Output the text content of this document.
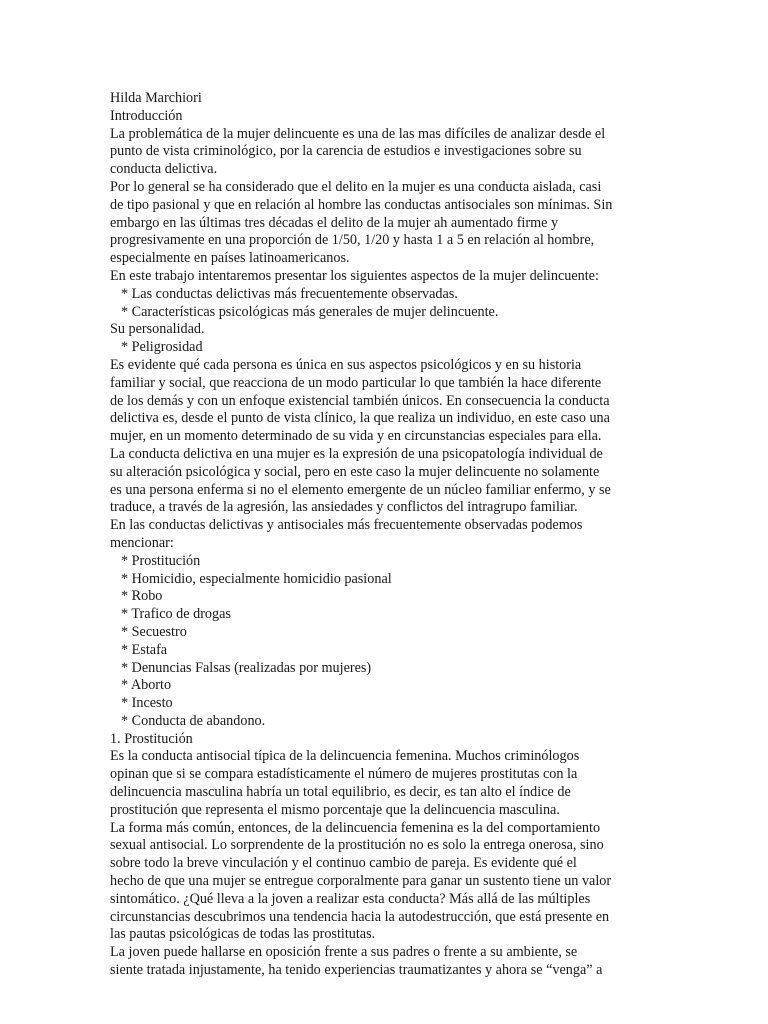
Hilda Marchiori
Introducción
La problemática de la mujer delincuente es una de las mas difíciles de analizar desde el
punto de vista criminológico, por la carencia de estudios e investigaciones sobre su
conducta delictiva.
Por lo general se ha considerado que el delito en la mujer es una conducta aislada, casi
de tipo pasional y que en relación al hombre las conductas antisociales son mínimas. Sin
embargo en las últimas tres décadas el delito de la mujer ah aumentado firme y
progresivamente en una proporción de 1/50, 1/20 y hasta 1 a 5 en relación al hombre,
especialmente en países latinoamericanos.
En este trabajo intentaremos presentar los siguientes aspectos de la mujer delincuente:
* Las conductas delictivas más frecuentemente observadas.
* Características psicológicas más generales de mujer delincuente.
Su personalidad.
* Peligrosidad
Es evidente qué cada persona es única en sus aspectos psicológicos y en su historia
familiar y social, que reacciona de un modo particular lo que también la hace diferente
de los demás y con un enfoque existencial también únicos. En consecuencia la conducta
delictiva es, desde el punto de vista clínico, la que realiza un individuo, en este caso una
mujer, en un momento determinado de su vida y en circunstancias especiales para ella.
La conducta delictiva en una mujer es la expresión de una psicopatología individual de
su alteración psicológica y social, pero en este caso la mujer delincuente no solamente
es una persona enferma si no el elemento emergente de un núcleo familiar enfermo, y se
traduce, a través de la agresión, las ansiedades y conflictos del intragrupo familiar.
En las conductas delictivas y antisociales más frecuentemente observadas podemos
mencionar:
* Prostitución
* Homicidio, especialmente homicidio pasional
* Robo
* Trafico de drogas
* Secuestro
* Estafa
* Denuncias Falsas (realizadas por mujeres)
* Aborto
* Incesto
* Conducta de abandono.
1. Prostitución
Es la conducta antisocial típica de la delincuencia femenina. Muchos criminólogos
opinan que si se compara estadísticamente el número de mujeres prostitutas con la
delincuencia masculina habría un total equilibrio, es decir, es tan alto el índice de
prostitución que representa el mismo porcentaje que la delincuencia masculina.
La forma más común, entonces, de la delincuencia femenina es la del comportamiento
sexual antisocial. Lo sorprendente de la prostitución no es solo la entrega onerosa, sino
sobre todo la breve vinculación y el continuo cambio de pareja. Es evidente qué el
hecho de que una mujer se entregue corporalmente para ganar un sustento tiene un valor
sintomático. ¿Qué lleva a la joven a realizar esta conducta? Más allá de las múltiples
circunstancias descubrimos una tendencia hacia la autodestrucción, que está presente en
las pautas psicológicas de todas las prostitutas.
La joven puede hallarse en oposición frente a sus padres o frente a su ambiente, se
siente tratada injustamente, ha tenido experiencias traumatizantes y ahora se “venga” a
